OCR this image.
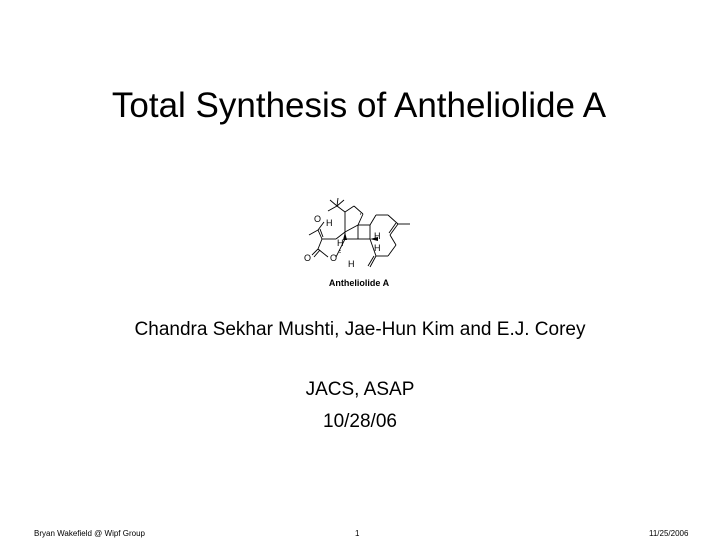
Total Synthesis of Antheliolide A
O
O
O
H
H
H
H
H
Antheliolide A
Chandra Sekhar Mushti, Jae-Hun Kim and E.J. Corey
JACS, ASAP
10/28/06
Bryan Wakefield @ Wipf Group	1	11/25/2006
